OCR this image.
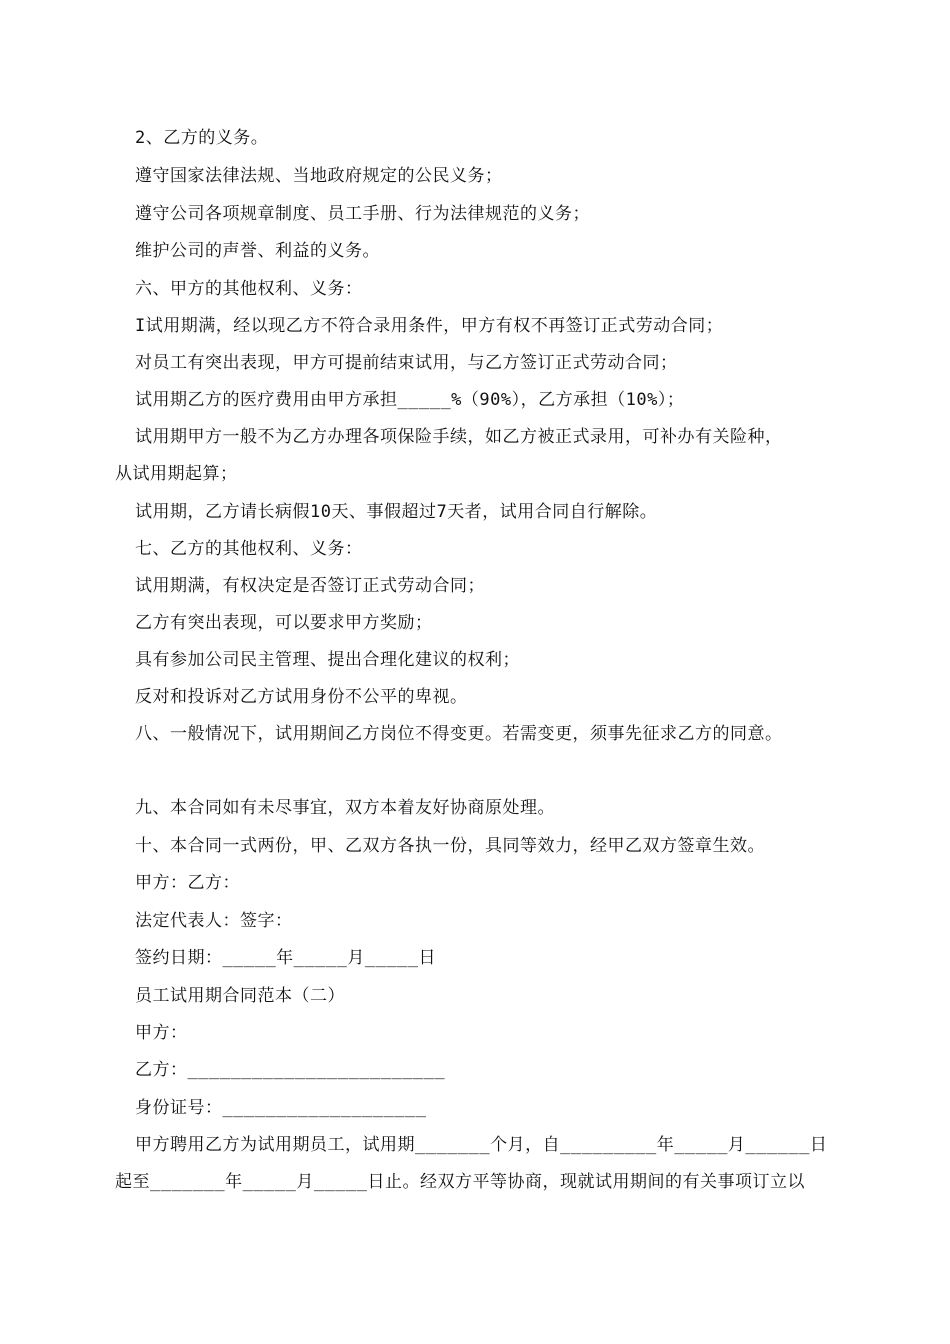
2、乙方的义务。
遵守国家法律法规、当地政府规定的公民义务；
遵守公司各项规章制度、员工手册、行为法律规范的义务；
维护公司的声誉、利益的义务。
六、甲方的其他权利、义务：
I试用期满，经以现乙方不符合录用条件，甲方有权不再签订正式劳动合同；
对员工有突出表现，甲方可提前结束试用，与乙方签订正式劳动合同；
试用期乙方的医疗费用由甲方承担_____%（90%），乙方承担（10%）；
试用期甲方一般不为乙方办理各项保险手续，如乙方被正式录用，可补办有关险种，
从试用期起算；
试用期，乙方请长病假10天、事假超过7天者，试用合同自行解除。
七、乙方的其他权利、义务：
试用期满，有权决定是否签订正式劳动合同；
乙方有突出表现，可以要求甲方奖励；
具有参加公司民主管理、提出合理化建议的权利；
反对和投诉对乙方试用身份不公平的卑视。
八、一般情况下，试用期间乙方岗位不得变更。若需变更，须事先征求乙方的同意。
九、本合同如有未尽事宜，双方本着友好协商原处理。
十、本合同一式两份，甲、乙双方各执一份，具同等效力，经甲乙双方签章生效。
甲方：乙方：
法定代表人：签字：
签约日期：_____年_____月_____日
员工试用期合同范本（二）
甲方：
乙方：________________________
身份证号：___________________
甲方聘用乙方为试用期员工，试用期_______个月，自_________年_____月______日
起至_______年_____月_____日止。经双方平等协商，现就试用期间的有关事项订立以
